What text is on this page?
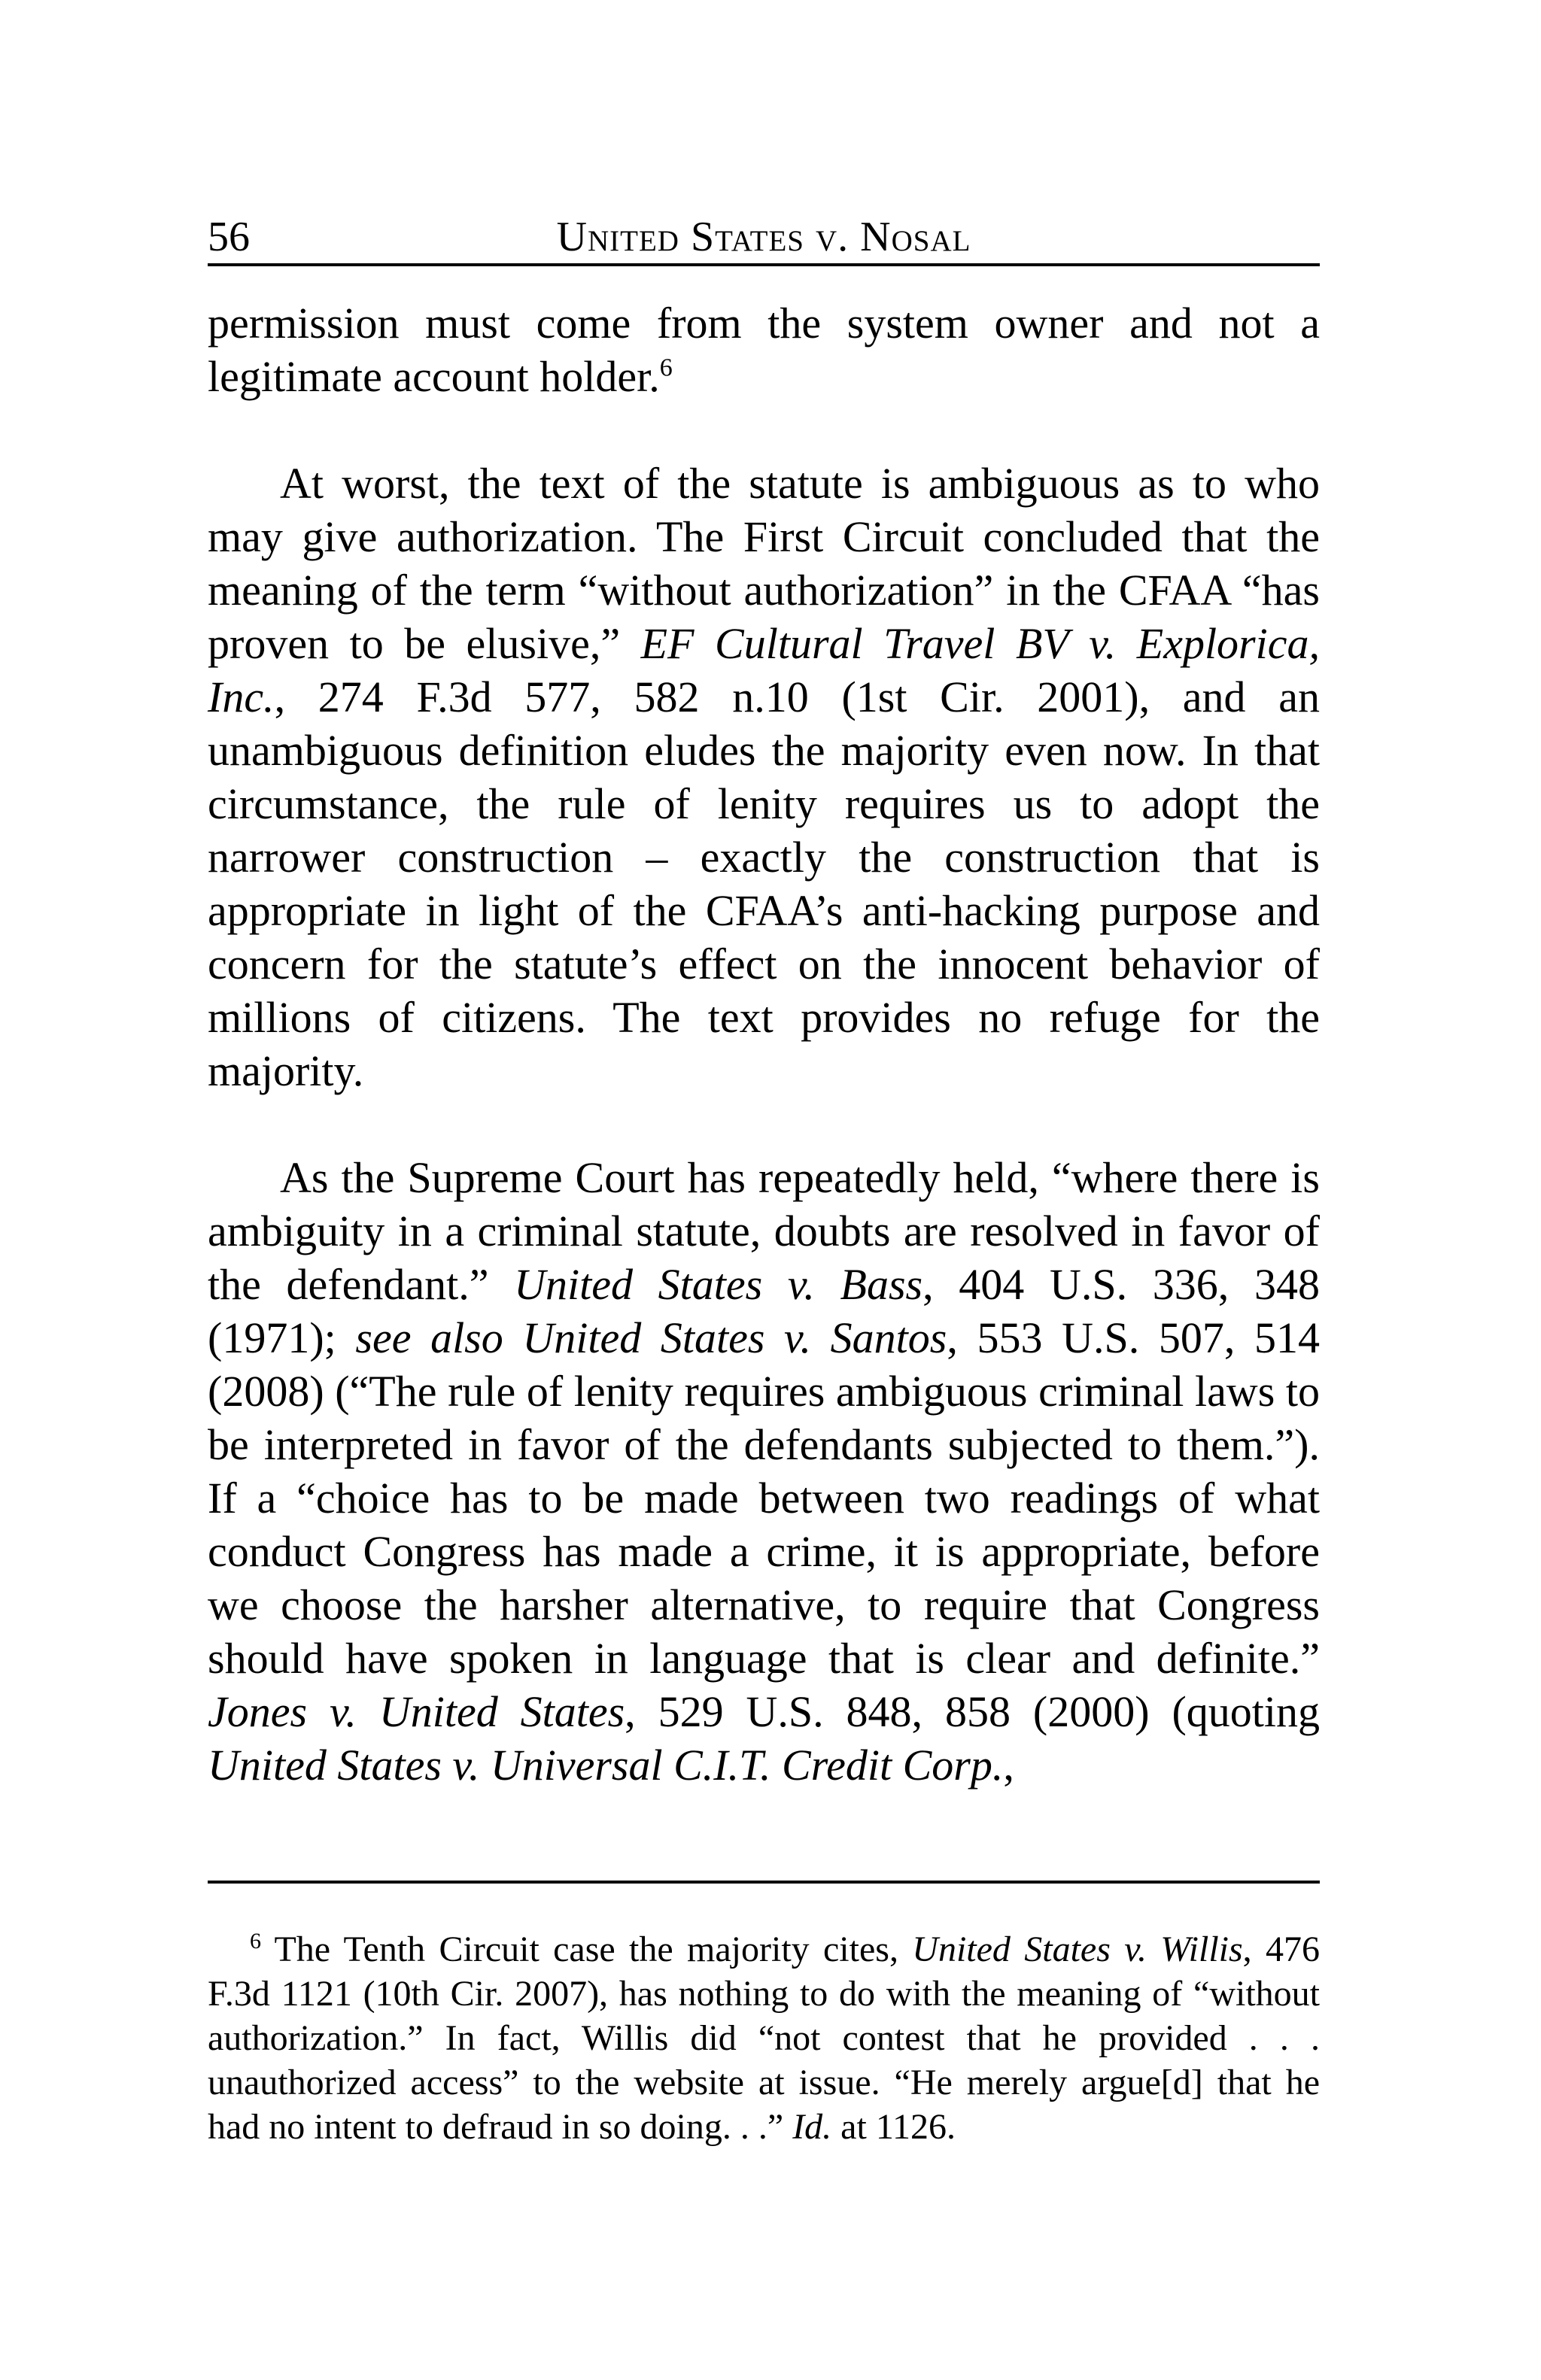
56	United States v. Nosal

permission must come from the system owner and not a legitimate account holder.$^6$

At worst, the text of the statute is ambiguous as to who may give authorization. The First Circuit concluded that the meaning of the term “without authorization” in the CFAA “has proven to be elusive,” EF Cultural Travel BV v. Explorica, Inc., 274 F.3d 577, 582 n.10 (1st Cir. 2001), and an unambiguous definition eludes the majority even now. In that circumstance, the rule of lenity requires us to adopt the narrower construction – exactly the construction that is appropriate in light of the CFAA’s anti-hacking purpose and concern for the statute’s effect on the innocent behavior of millions of citizens. The text provides no refuge for the majority.

As the Supreme Court has repeatedly held, “where there is ambiguity in a criminal statute, doubts are resolved in favor of the defendant.” United States v. Bass, 404 U.S. 336, 348 (1971); see also United States v. Santos, 553 U.S. 507, 514 (2008) (“The rule of lenity requires ambiguous criminal laws to be interpreted in favor of the defendants subjected to them.”). If a “choice has to be made between two readings of what conduct Congress has made a crime, it is appropriate, before we choose the harsher alternative, to require that Congress should have spoken in language that is clear and definite.” Jones v. United States, 529 U.S. 848, 858 (2000) (quoting United States v. Universal C.I.T. Credit Corp.,

$^6$ The Tenth Circuit case the majority cites, United States v. Willis, 476 F.3d 1121 (10th Cir. 2007), has nothing to do with the meaning of “without authorization.” In fact, Willis did “not contest that he provided . . . unauthorized access” to the website at issue. “He merely argue[d] that he had no intent to defraud in so doing. . .” Id. at 1126.
